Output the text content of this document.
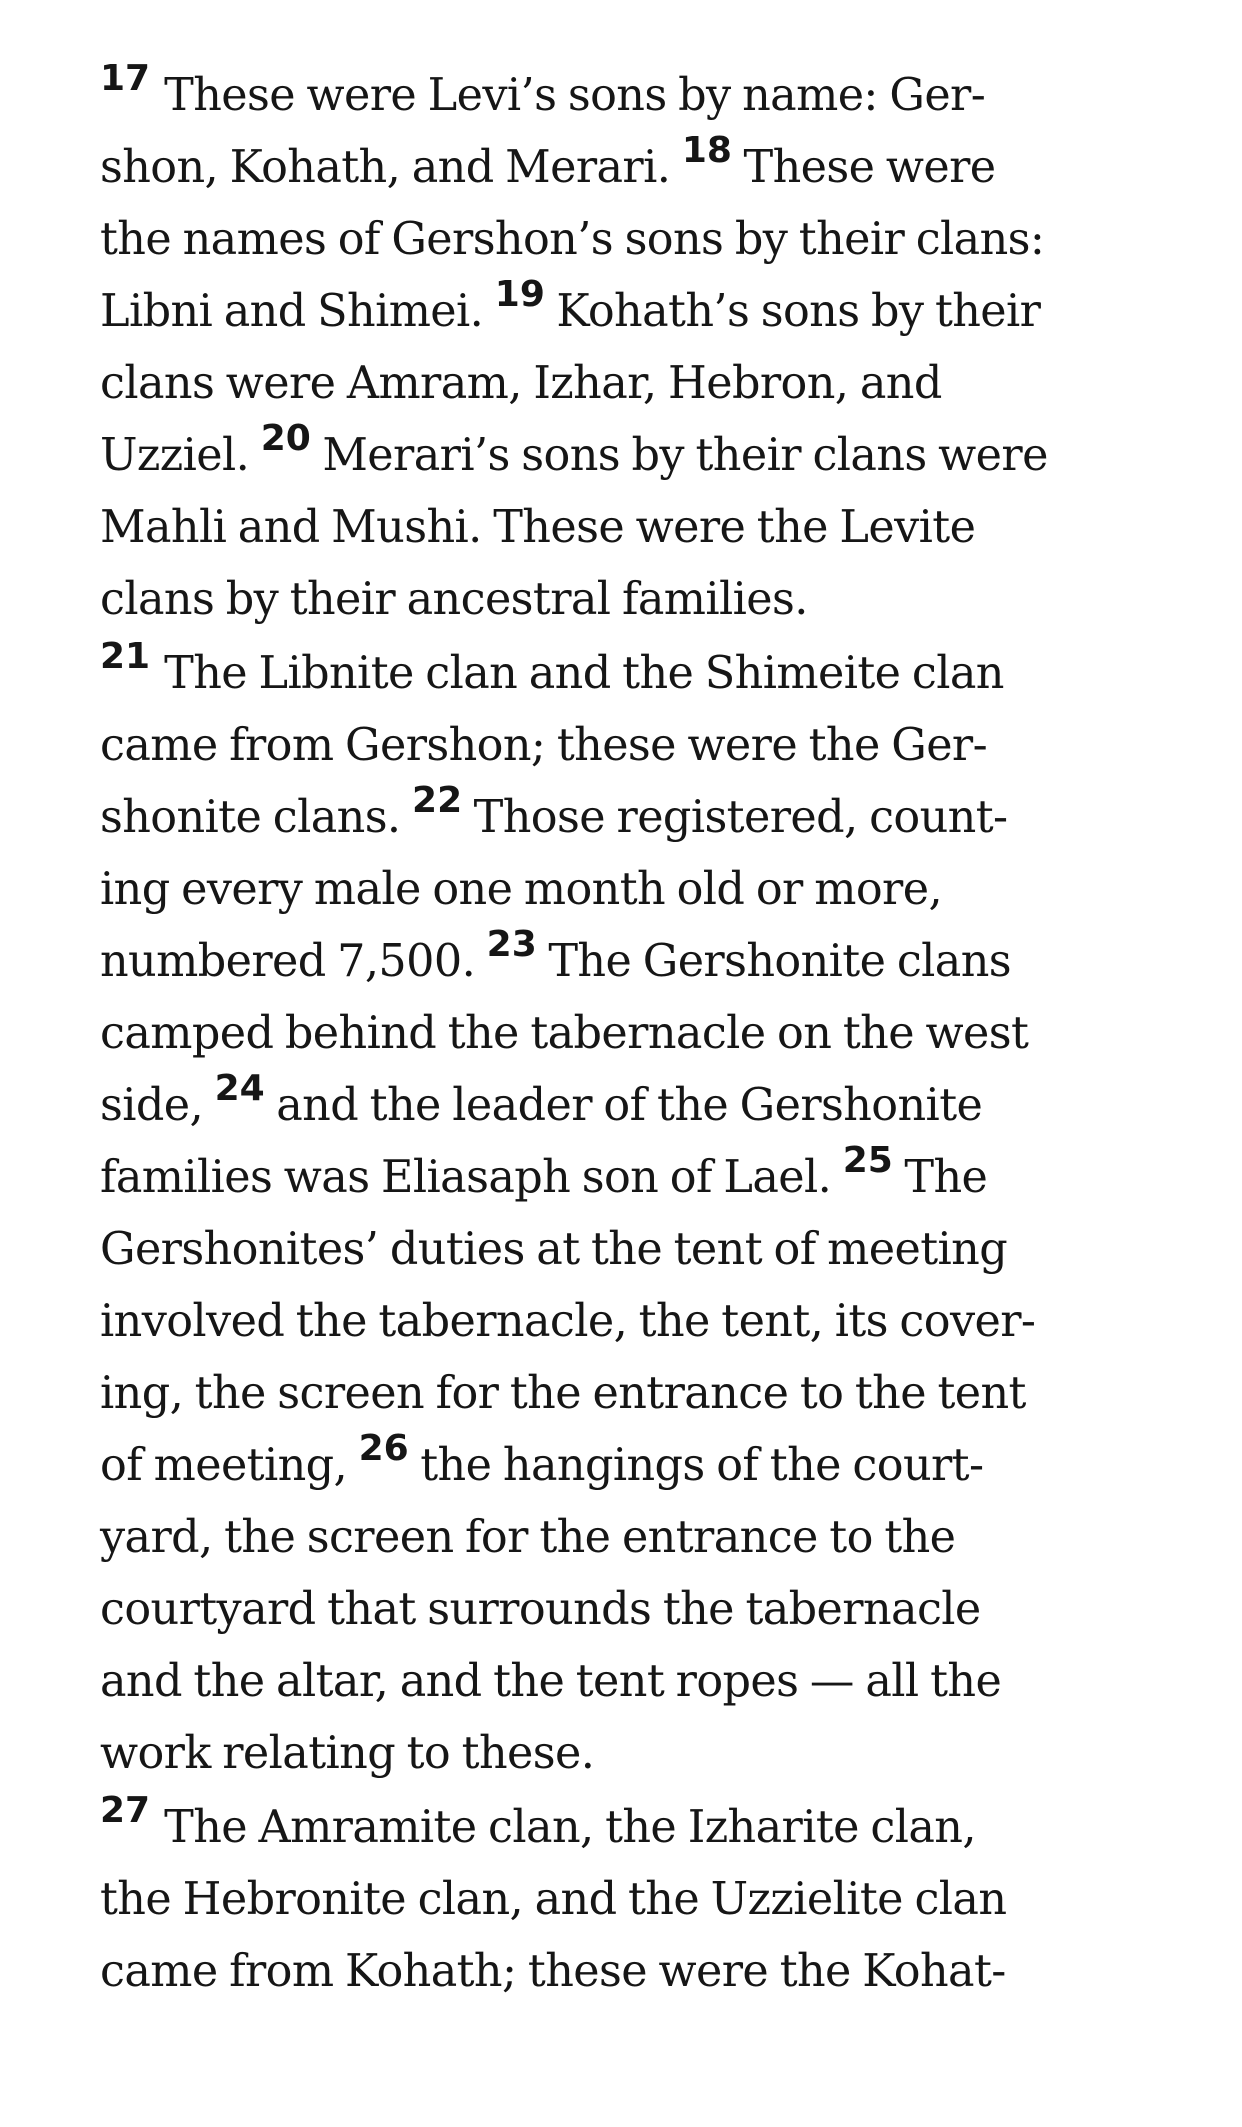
$^{17}$ These were Levi’s sons by name: Ger-
shon, Kohath, and Merari. $^{18}$ These were
the names of Gershon’s sons by their clans:
Libni and Shimei. $^{19}$ Kohath’s sons by their
clans were Amram, Izhar, Hebron, and
Uzziel. $^{20}$ Merari’s sons by their clans were
Mahli and Mushi. These were the Levite
clans by their ancestral families.

$^{21}$ The Libnite clan and the Shimeite clan
came from Gershon; these were the Ger-
shonite clans. $^{22}$ Those registered, count-
ing every male one month old or more,
numbered 7,500. $^{23}$ The Gershonite clans
camped behind the tabernacle on the west
side, $^{24}$ and the leader of the Gershonite
families was Eliasaph son of Lael. $^{25}$ The
Gershonites’ duties at the tent of meeting
involved the tabernacle, the tent, its cover-
ing, the screen for the entrance to the tent
of meeting, $^{26}$ the hangings of the court-
yard, the screen for the entrance to the
courtyard that surrounds the tabernacle
and the altar, and the tent ropes — all the
work relating to these.

$^{27}$ The Amramite clan, the Izharite clan,
the Hebronite clan, and the Uzzielite clan
came from Kohath; these were the Kohat-
